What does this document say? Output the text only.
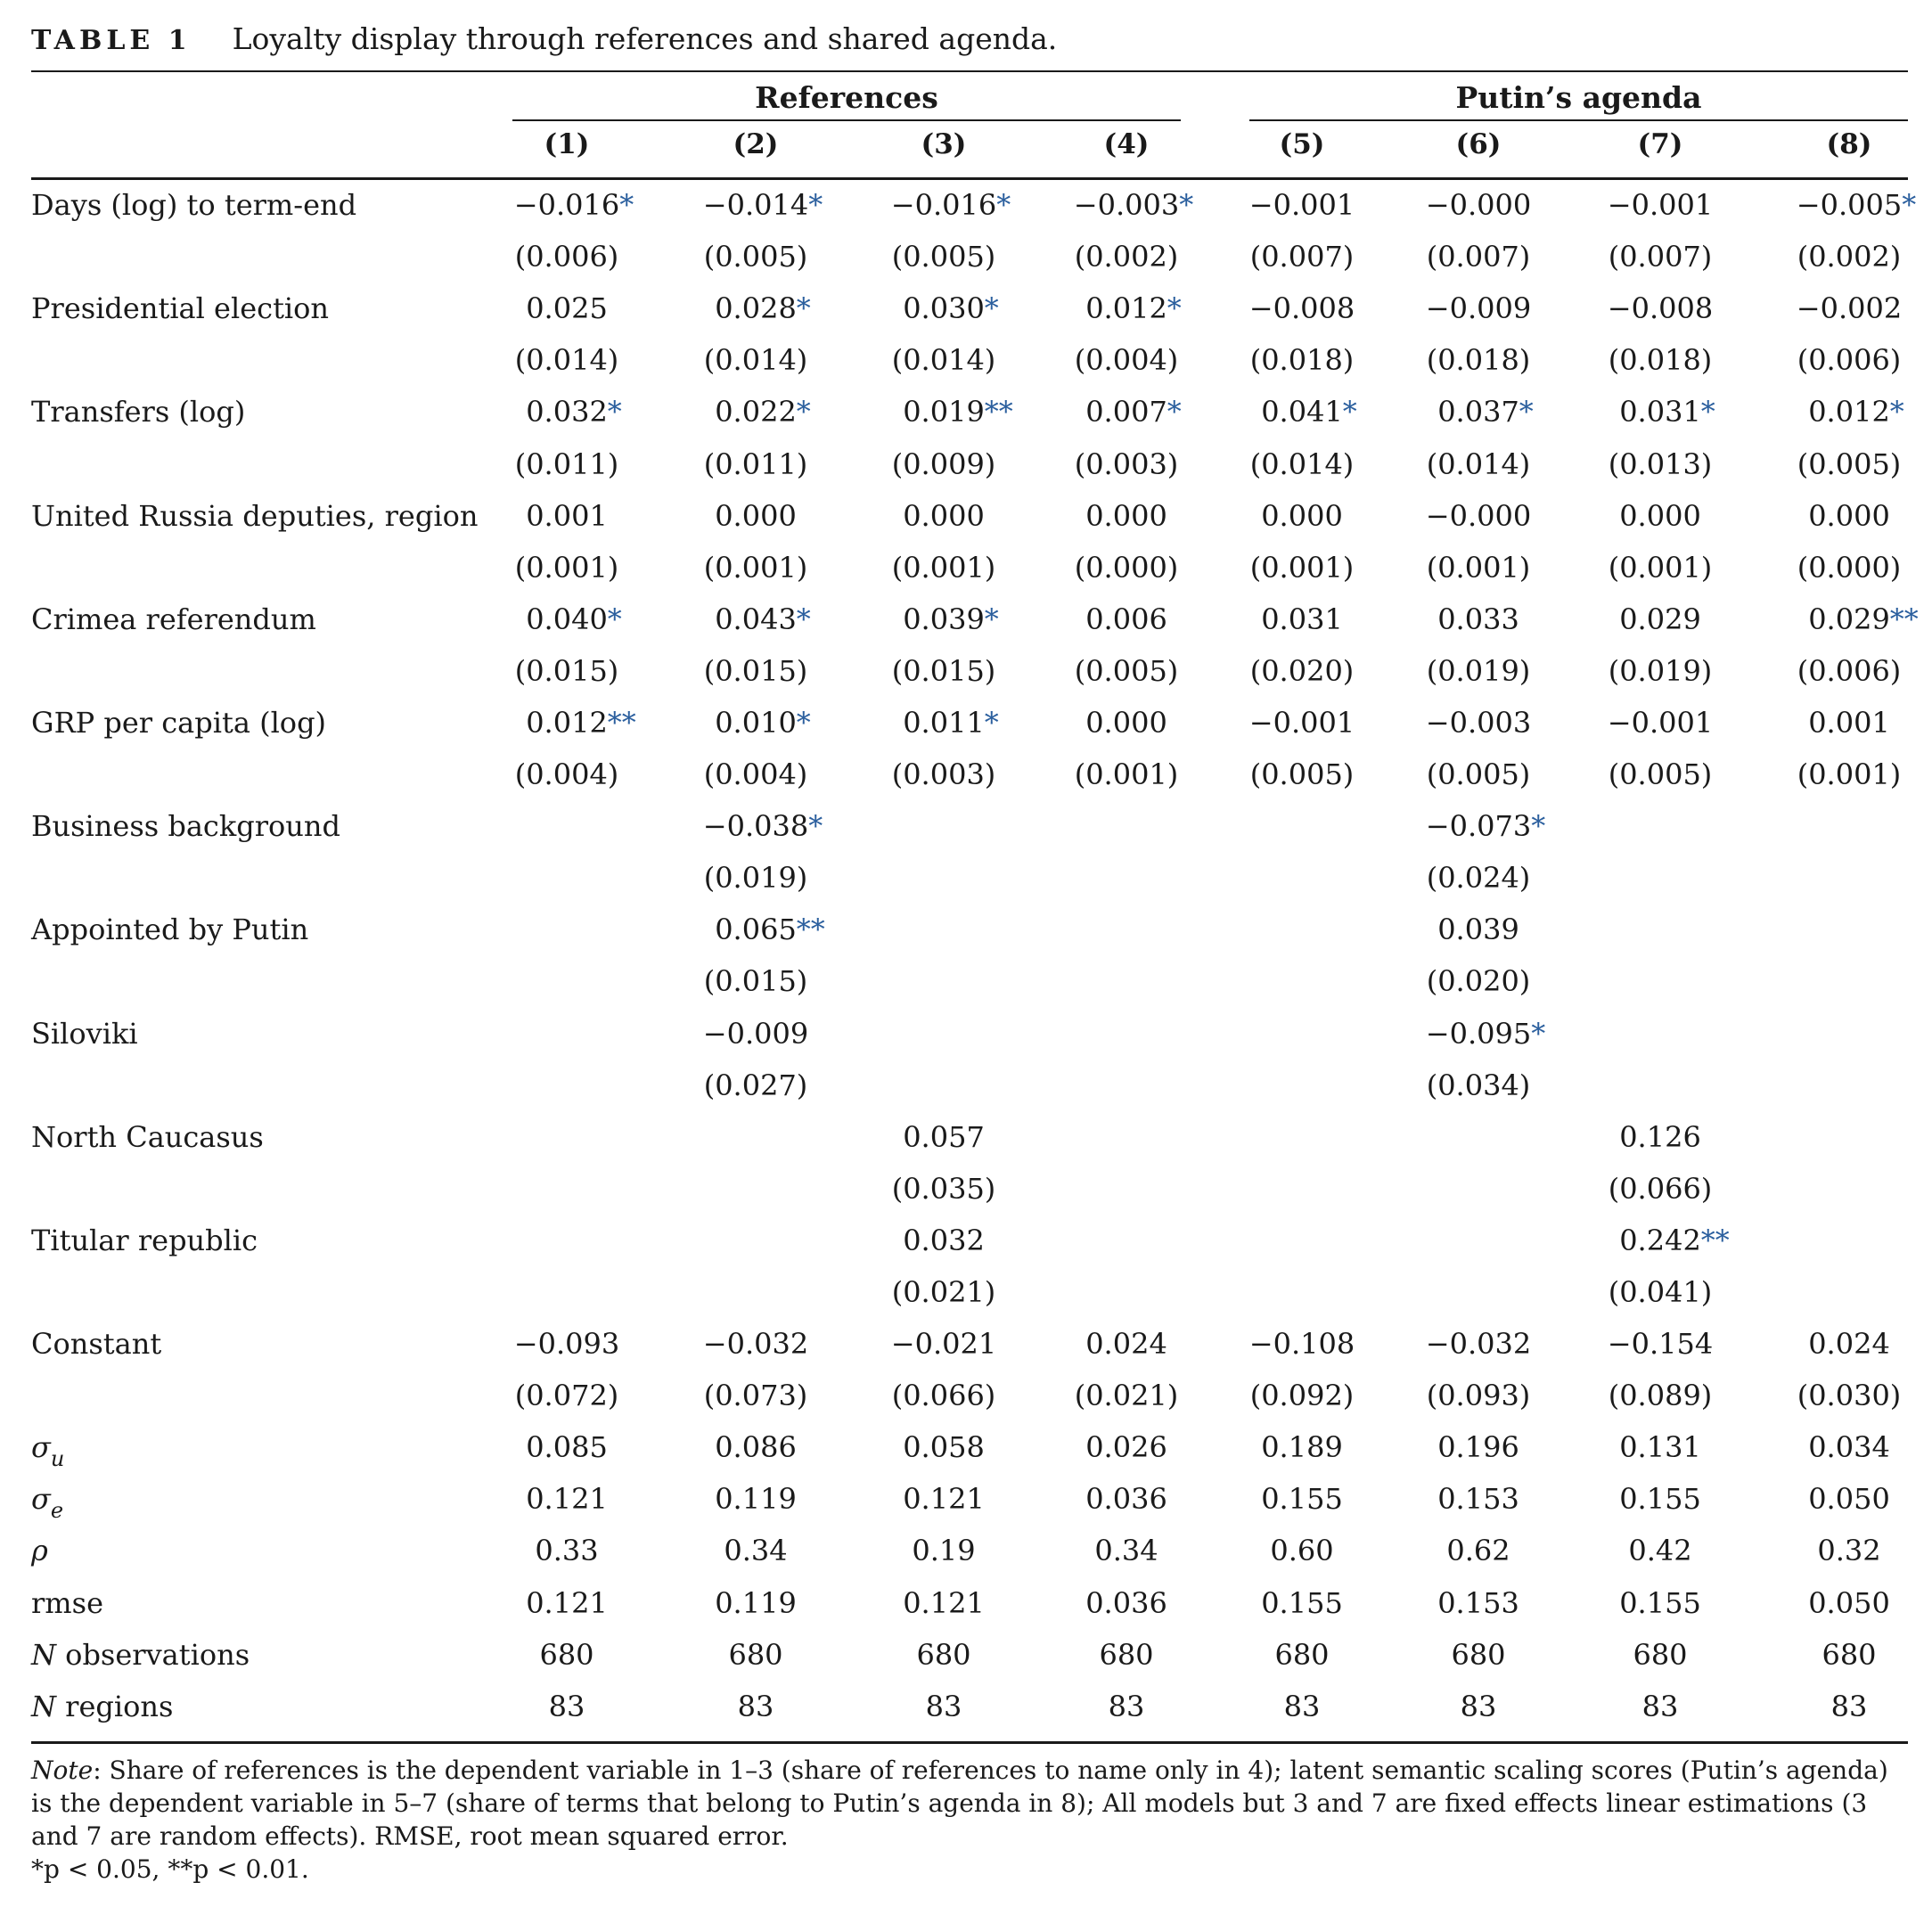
TABLE 1 Loyalty display through references and shared agenda.
References	Putin’s agenda
(1)	(2)	(3)	(4)	(5)	(6)	(7)	(8)
Days (log) to term-end	−0.016*	−0.014*	−0.016*	−0.003*	−0.001	−0.000	−0.001	−0.005*
	(0.006)	(0.005)	(0.005)	(0.002)	(0.007)	(0.007)	(0.007)	(0.002)
Presidential election	0.025	0.028*	0.030*	0.012*	−0.008	−0.009	−0.008	−0.002
	(0.014)	(0.014)	(0.014)	(0.004)	(0.018)	(0.018)	(0.018)	(0.006)
Transfers (log)	0.032*	0.022*	0.019**	0.007*	0.041*	0.037*	0.031*	0.012*
	(0.011)	(0.011)	(0.009)	(0.003)	(0.014)	(0.014)	(0.013)	(0.005)
United Russia deputies, region	0.001	0.000	0.000	0.000	0.000	−0.000	0.000	0.000
	(0.001)	(0.001)	(0.001)	(0.000)	(0.001)	(0.001)	(0.001)	(0.000)
Crimea referendum	0.040*	0.043*	0.039*	0.006	0.031	0.033	0.029	0.029**
	(0.015)	(0.015)	(0.015)	(0.005)	(0.020)	(0.019)	(0.019)	(0.006)
GRP per capita (log)	0.012**	0.010*	0.011*	0.000	−0.001	−0.003	−0.001	0.001
	(0.004)	(0.004)	(0.003)	(0.001)	(0.005)	(0.005)	(0.005)	(0.001)
Business background		−0.038*				−0.073*		
		(0.019)				(0.024)		
Appointed by Putin		0.065**				0.039		
		(0.015)				(0.020)		
Siloviki		−0.009				−0.095*		
		(0.027)				(0.034)		
North Caucasus			0.057				0.126	
			(0.035)				(0.066)	
Titular republic			0.032				0.242**	
			(0.021)				(0.041)	
Constant	−0.093	−0.032	−0.021	0.024	−0.108	−0.032	−0.154	0.024
	(0.072)	(0.073)	(0.066)	(0.021)	(0.092)	(0.093)	(0.089)	(0.030)
$\sigma_u$	0.085	0.086	0.058	0.026	0.189	0.196	0.131	0.034
$\sigma_e$	0.121	0.119	0.121	0.036	0.155	0.153	0.155	0.050
ρ	0.33	0.34	0.19	0.34	0.60	0.62	0.42	0.32
rmse	0.121	0.119	0.121	0.036	0.155	0.153	0.155	0.050
N observations	680	680	680	680	680	680	680	680
N regions	83	83	83	83	83	83	83	83
Note: Share of references is the dependent variable in 1–3 (share of references to name only in 4); latent semantic scaling scores (Putin’s agenda) is the dependent variable in 5–7 (share of terms that belong to Putin’s agenda in 8); All models but 3 and 7 are fixed effects linear estimations (3 and 7 are random effects). RMSE, root mean squared error.
*p < 0.05, **p < 0.01.
